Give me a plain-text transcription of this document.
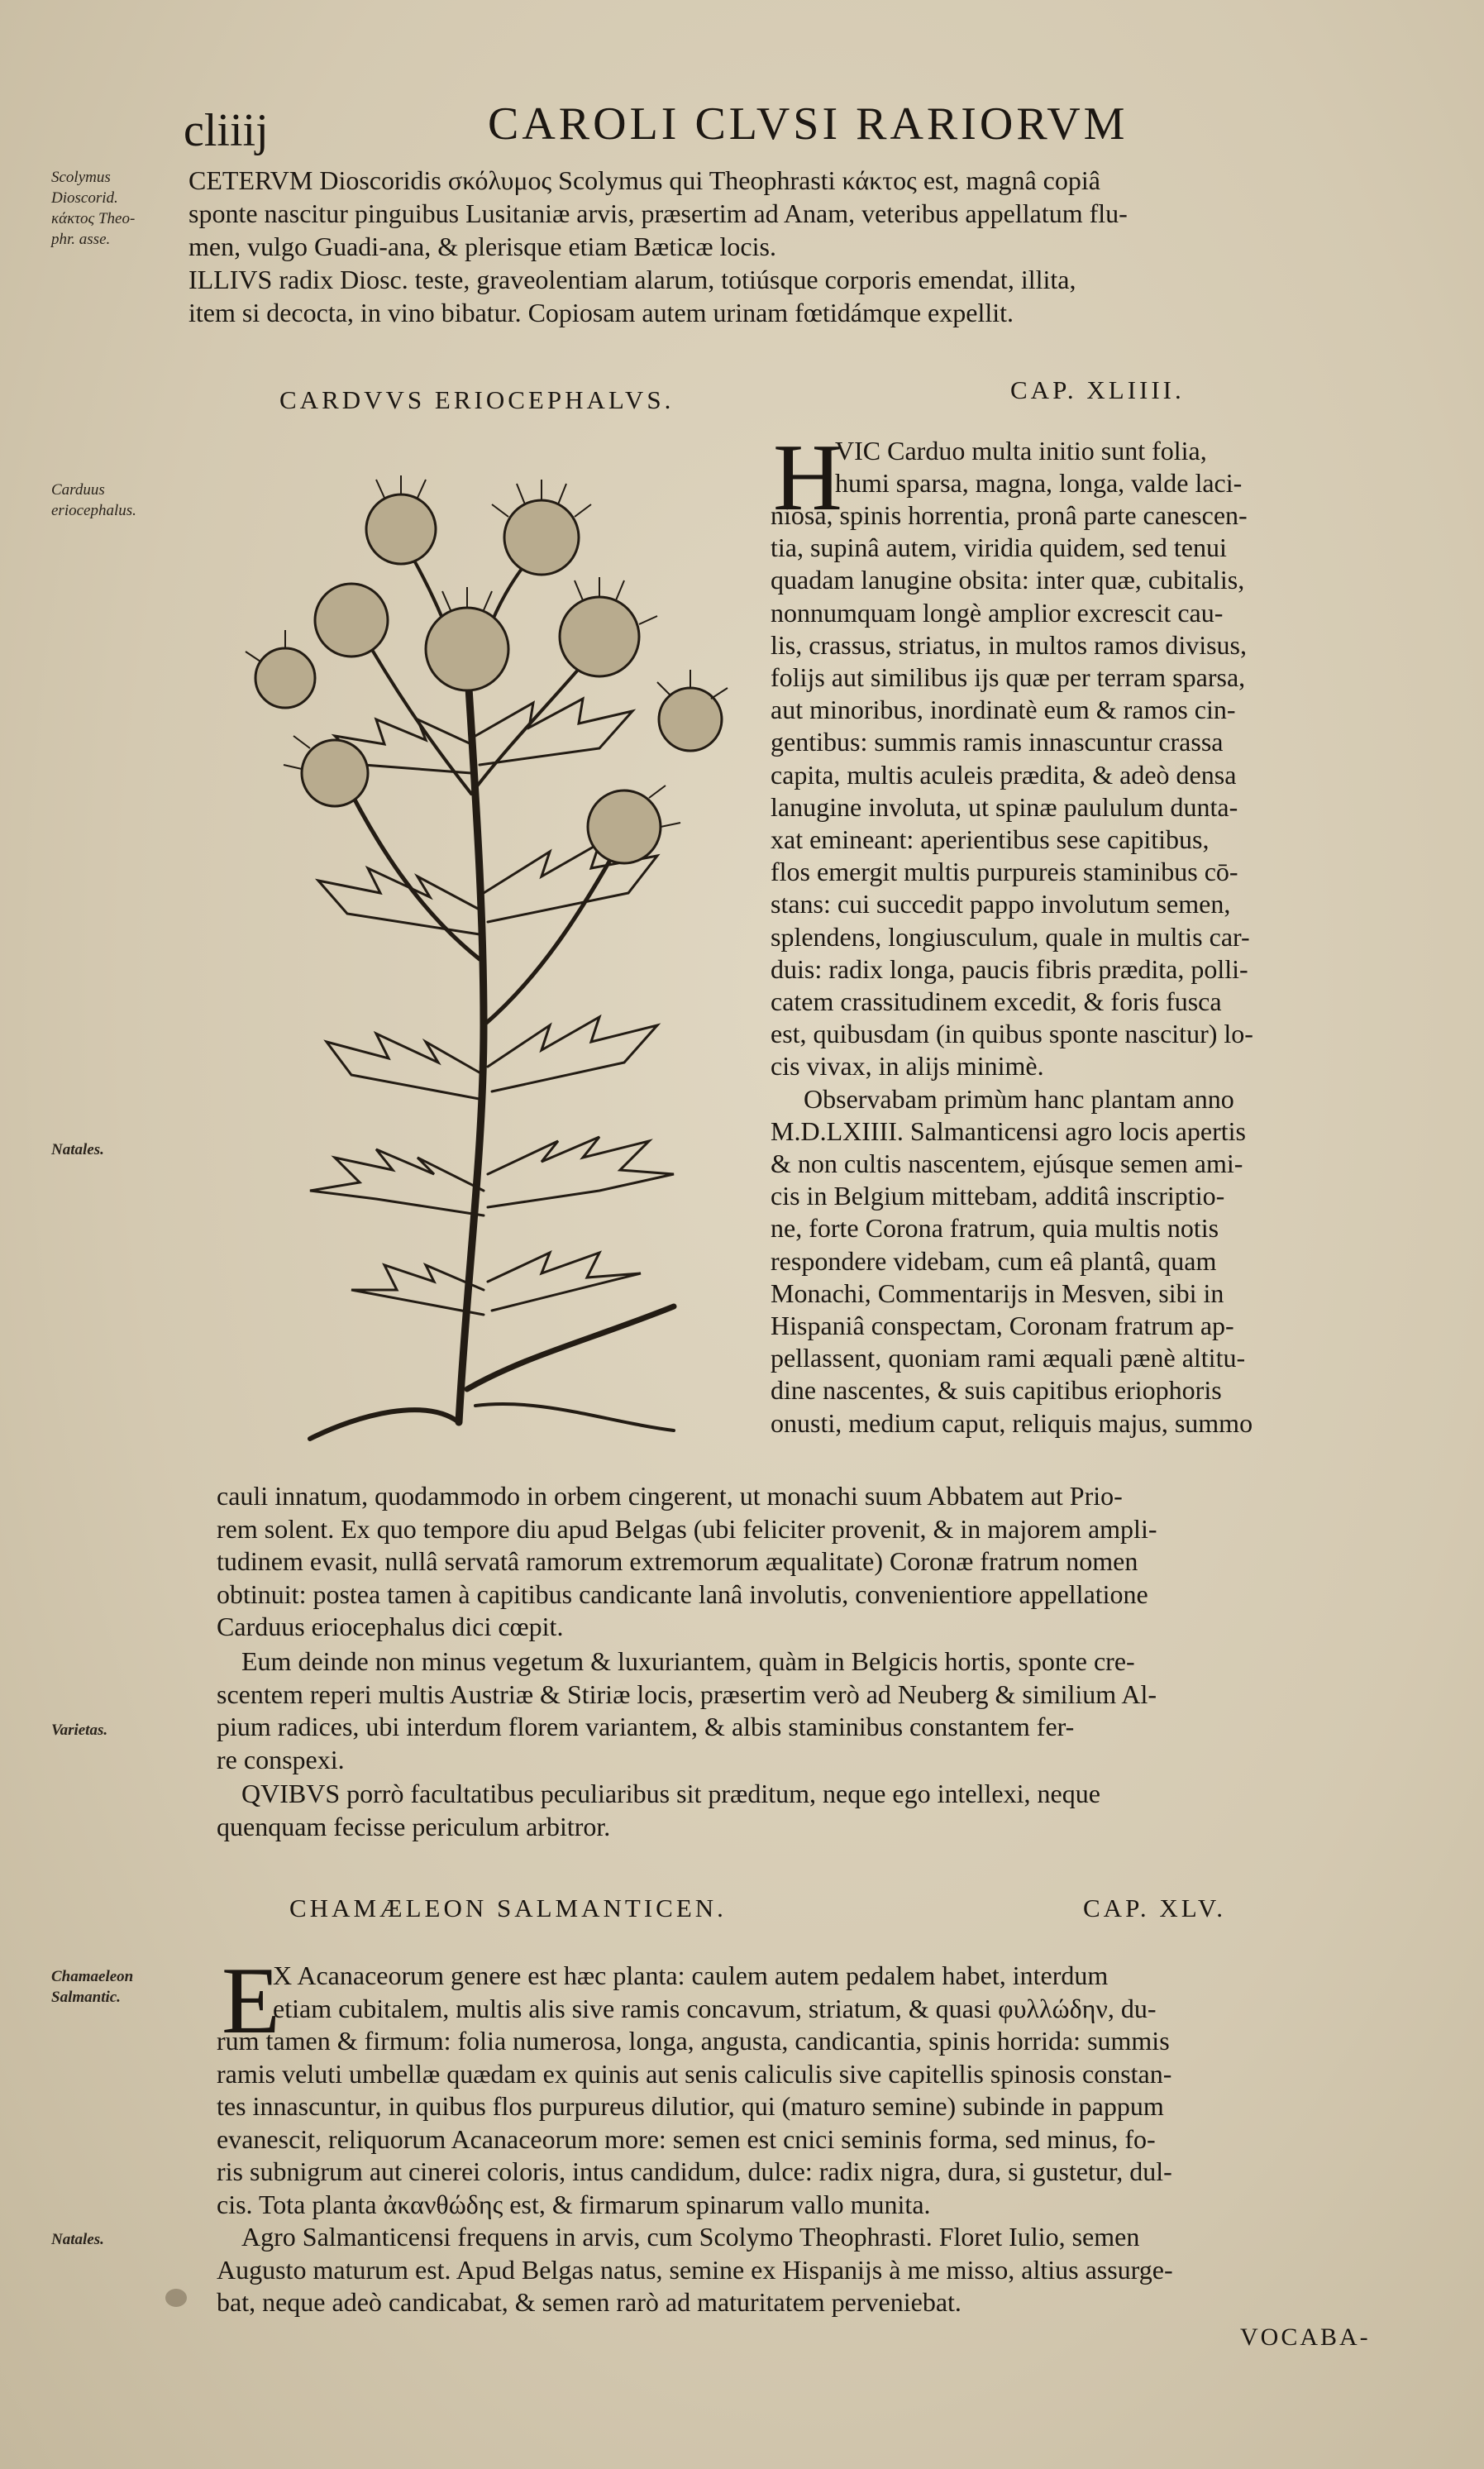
cliiij	CAROLI CLVSI RARIORVM
Scolymus
Dioscorid.
κάκτος Theo-
phr. asse.
Carduus
eriocephalus.
Natales.
Varietas.
Chamaeleon
Salmantic.
Natales.
CETERVM Dioscoridis σκόλυμος Scolymus qui Theophrasti κάκτος est, magnâ copiâ
sponte nascitur pinguibus Lusitaniæ arvis, præsertim ad Anam, veteribus appellatum flu-
men, vulgo Guadi-ana, & plerisque etiam Bæticæ locis.
ILLIVS radix Diosc. teste, graveolentiam alarum, totiúsque corporis emendat, illita,
item si decocta, in vino bibatur. Copiosam autem urinam fœtidámque expellit.
CARDVVS ERIOCEPHALVS.	CAP. XLIIII.
H
VIC Carduo multa initio sunt folia,
humi sparsa, magna, longa, valde laci-
niosa, spinis horrentia, pronâ parte canescen-
tia, supinâ autem, viridia quidem, sed tenui
quadam lanugine obsita: inter quæ, cubitalis,
nonnumquam longè amplior excrescit cau-
lis, crassus, striatus, in multos ramos divisus,
folijs aut similibus ijs quæ per terram sparsa,
aut minoribus, inordinatè eum & ramos cin-
gentibus: summis ramis innascuntur crassa
capita, multis aculeis prædita, & adeò densa
lanugine involuta, ut spinæ paululum dunta-
xat emineant: aperientibus sese capitibus,
flos emergit multis purpureis staminibus cō-
stans: cui succedit pappo involutum semen,
splendens, longiusculum, quale in multis car-
duis: radix longa, paucis fibris prædita, polli-
catem crassitudinem excedit, & foris fusca
est, quibusdam (in quibus sponte nascitur) lo-
cis vivax, in alijs minimè.
Observabam primùm hanc plantam anno
M.D.LXIIII. Salmanticensi agro locis apertis
& non cultis nascentem, ejúsque semen ami-
cis in Belgium mittebam, additâ inscriptio-
ne, forte Corona fratrum, quia multis notis
respondere videbam, cum eâ plantâ, quam
Monachi, Commentarijs in Mesven, sibi in
Hispaniâ conspectam, Coronam fratrum ap-
pellassent, quoniam rami æquali pænè altitu-
dine nascentes, & suis capitibus eriophoris
onusti, medium caput, reliquis majus, summo
cauli innatum, quodammodo in orbem cingerent, ut monachi suum Abbatem aut Prio-
rem solent. Ex quo tempore diu apud Belgas (ubi feliciter provenit, & in majorem ampli-
tudinem evasit, nullâ servatâ ramorum extremorum æqualitate) Coronæ fratrum nomen
obtinuit: postea tamen à capitibus candicante lanâ involutis, convenientiore appellatione
Carduus eriocephalus dici cœpit.
Eum deinde non minus vegetum & luxuriantem, quàm in Belgicis hortis, sponte cre-
scentem reperi multis Austriæ & Stiriæ locis, præsertim verò ad Neuberg & similium Al-
pium radices, ubi interdum florem variantem, & albis staminibus constantem fer-
re conspexi.
QVIBVS porrò facultatibus peculiaribus sit præditum, neque ego intellexi, neque
quenquam fecisse periculum arbitror.
CHAMÆLEON SALMANTICEN.	CAP. XLV.
E
X Acanaceorum genere est hæc planta: caulem autem pedalem habet, interdum
etiam cubitalem, multis alis sive ramis concavum, striatum, & quasi φυλλώδην, du-
rum tamen & firmum: folia numerosa, longa, angusta, candicantia, spinis horrida: summis
ramis veluti umbellæ quædam ex quinis aut senis caliculis sive capitellis spinosis constan-
tes innascuntur, in quibus flos purpureus dilutior, qui (maturo semine) subinde in pappum
evanescit, reliquorum Acanaceorum more: semen est cnici seminis forma, sed minus, fo-
ris subnigrum aut cinerei coloris, intus candidum, dulce: radix nigra, dura, si gustetur, dul-
cis. Tota planta ἀκανθώδης est, & firmarum spinarum vallo munita.
Agro Salmanticensi frequens in arvis, cum Scolymo Theophrasti. Floret Iulio, semen
Augusto maturum est. Apud Belgas natus, semine ex Hispanijs à me misso, altius assurge-
bat, neque adeò candicabat, & semen rarò ad maturitatem perveniebat.
VOCABA-
